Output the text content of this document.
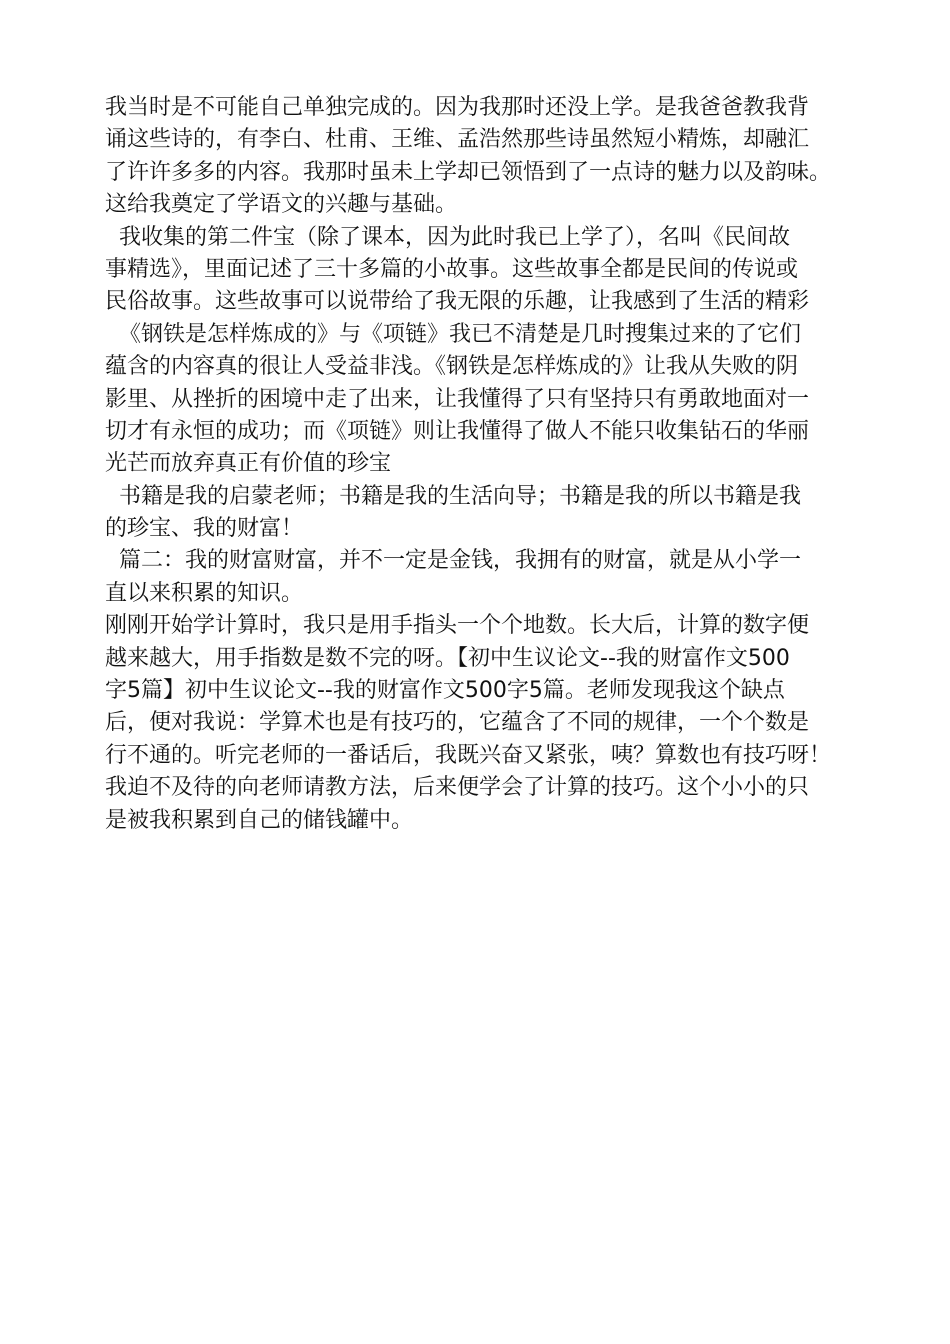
我当时是不可能自己单独完成的。因为我那时还没上学。是我爸爸教我背
诵这些诗的，有李白、杜甫、王维、孟浩然那些诗虽然短小精炼，却融汇
了许许多多的内容。我那时虽未上学却已领悟到了一点诗的魅力以及韵味。
这给我奠定了学语文的兴趣与基础。
我收集的第二件宝（除了课本，因为此时我已上学了），名叫《民间故
事精选》，里面记述了三十多篇的小故事。这些故事全都是民间的传说或
民俗故事。这些故事可以说带给了我无限的乐趣，让我感到了生活的精彩
《钢铁是怎样炼成的》与《项链》我已不清楚是几时搜集过来的了它们
蕴含的内容真的很让人受益非浅。《钢铁是怎样炼成的》让我从失败的阴
影里、从挫折的困境中走了出来，让我懂得了只有坚持只有勇敢地面对一
切才有永恒的成功；而《项链》则让我懂得了做人不能只收集钻石的华丽
光芒而放弃真正有价值的珍宝
书籍是我的启蒙老师；书籍是我的生活向导；书籍是我的所以书籍是我
的珍宝、我的财富！
篇二：我的财富财富，并不一定是金钱，我拥有的财富，就是从小学一
直以来积累的知识。
刚刚开始学计算时，我只是用手指头一个个地数。长大后，计算的数字便
越来越大，用手指数是数不完的呀。【初中生议论文--我的财富作文500
字5篇】初中生议论文--我的财富作文500字5篇。老师发现我这个缺点
后，便对我说：学算术也是有技巧的，它蕴含了不同的规律，一个个数是
行不通的。听完老师的一番话后，我既兴奋又紧张，咦？算数也有技巧呀！
我迫不及待的向老师请教方法，后来便学会了计算的技巧。这个小小的只
是被我积累到自己的储钱罐中。
